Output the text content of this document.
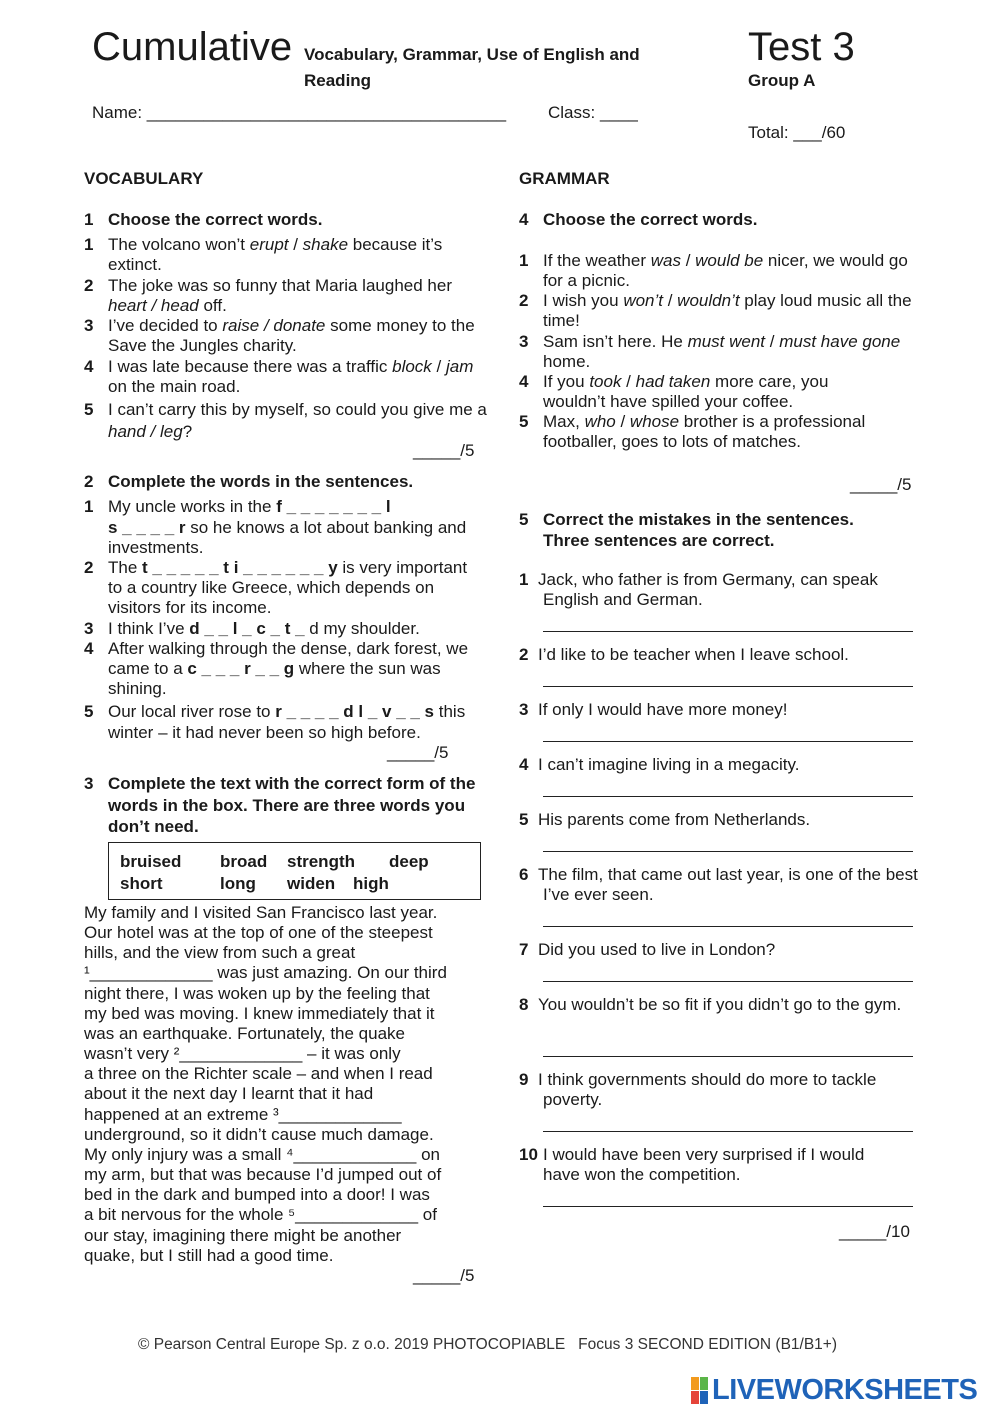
Cumulative Vocabulary, Grammar, Use of English and
Reading
Test 3
Group A
Name: ______________________________________ Class: ____
Total: ___/60
VOCABULARY
1 Choose the correct words.
1 The volcano won’t erupt / shake because it’s extinct.
2 The joke was so funny that Maria laughed her heart / head off.
3 I’ve decided to raise / donate some money to the Save the Jungles charity.
4 I was late because there was a traffic block / jam on the main road.
5 I can’t carry this by myself, so could you give me a hand / leg?
_____/5
2 Complete the words in the sentences.
1 My uncle works in the f _ _ _ _ _ _ _ l
s _ _ _ _ r so he knows a lot about banking and investments.
2 The t _ _ _ _ _ t i _ _ _ _ _ _ y is very important to a country like Greece, which depends on visitors for its income.
3 I think I’ve d _ _ l _ c _ t _ d my shoulder.
4 After walking through the dense, dark forest, we came to a c _ _ _ r _ _ g where the sun was shining.
5 Our local river rose to r _ _ _ _ d l _ v _ _ s this winter – it had never been so high before.
_____/5
3 Complete the text with the correct form of the words in the box. There are three words you don’t need.
bruised broad strength deep
short	long widen high
My family and I visited San Francisco last year.
Our hotel was at the top of one of the steepest
hills, and the view from such a great
¹_____________ was just amazing. On our third
night there, I was woken up by the feeling that
my bed was moving. I knew immediately that it
was an earthquake. Fortunately, the quake
wasn’t very ²_____________ – it was only
a three on the Richter scale – and when I read
about it the next day I learnt that it had
happened at an extreme ³_____________
underground, so it didn’t cause much damage.
My only injury was a small ⁴_____________ on
my arm, but that was because I’d jumped out of
bed in the dark and bumped into a door! I was
a bit nervous for the whole ⁵_____________ of
our stay, imagining there might be another
quake, but I still had a good time.
_____/5
GRAMMAR
4 Choose the correct words.
1 If the weather was / would be nicer, we would go for a picnic.
2 I wish you won’t / wouldn’t play loud music all the time!
3 Sam isn’t here. He must went / must have gone home.
4 If you took / had taken more care, you wouldn’t have spilled your coffee.
5 Max, who / whose brother is a professional footballer, goes to lots of matches.
_____/5
5 Correct the mistakes in the sentences.
Three sentences are correct.
1 Jack, who father is from Germany, can speak English and German.
2 I’d like to be teacher when I leave school.
3 If only I would have more money!
4 I can’t imagine living in a megacity.
5 His parents come from Netherlands.
6 The film, that came out last year, is one of the best I’ve ever seen.
7 Did you used to live in London?
8 You wouldn’t be so fit if you didn’t go to the gym.
9 I think governments should do more to tackle poverty.
10 I would have been very surprised if I would have won the competition.
_____/10
© Pearson Central Europe Sp. z o.o. 2019 PHOTOCOPIABLE   Focus 3 SECOND EDITION (B1/B1+)
LIVEWORKSHEETS
